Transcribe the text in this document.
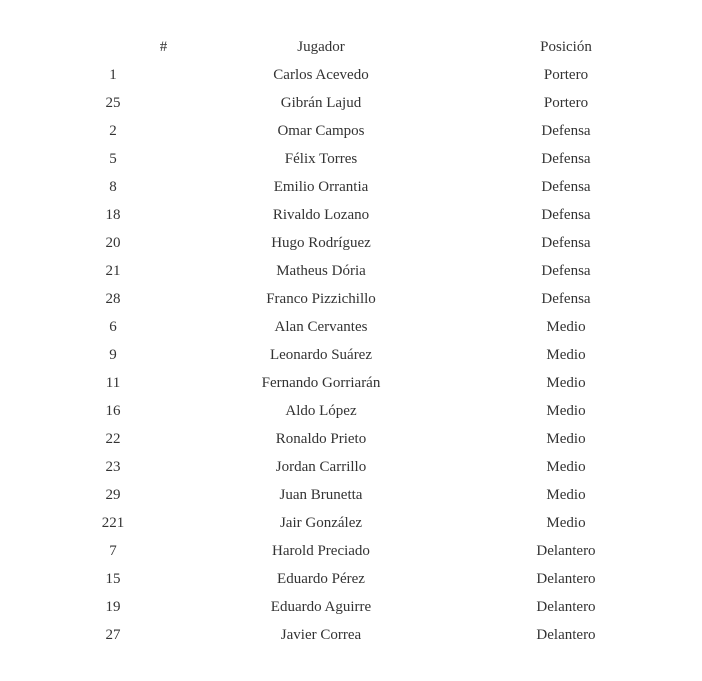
#	Jugador	Posición
1	Carlos Acevedo	Portero
25	Gibrán Lajud	Portero
2	Omar Campos	Defensa
5	Félix Torres	Defensa
8	Emilio Orrantia	Defensa
18	Rivaldo Lozano	Defensa
20	Hugo Rodríguez	Defensa
21	Matheus Dória	Defensa
28	Franco Pizzichillo	Defensa
6	Alan Cervantes	Medio
9	Leonardo Suárez	Medio
11	Fernando Gorriarán	Medio
16	Aldo López	Medio
22	Ronaldo Prieto	Medio
23	Jordan Carrillo	Medio
29	Juan Brunetta	Medio
221	Jair González	Medio
7	Harold Preciado	Delantero
15	Eduardo Pérez	Delantero
19	Eduardo Aguirre	Delantero
27	Javier Correa	Delantero
